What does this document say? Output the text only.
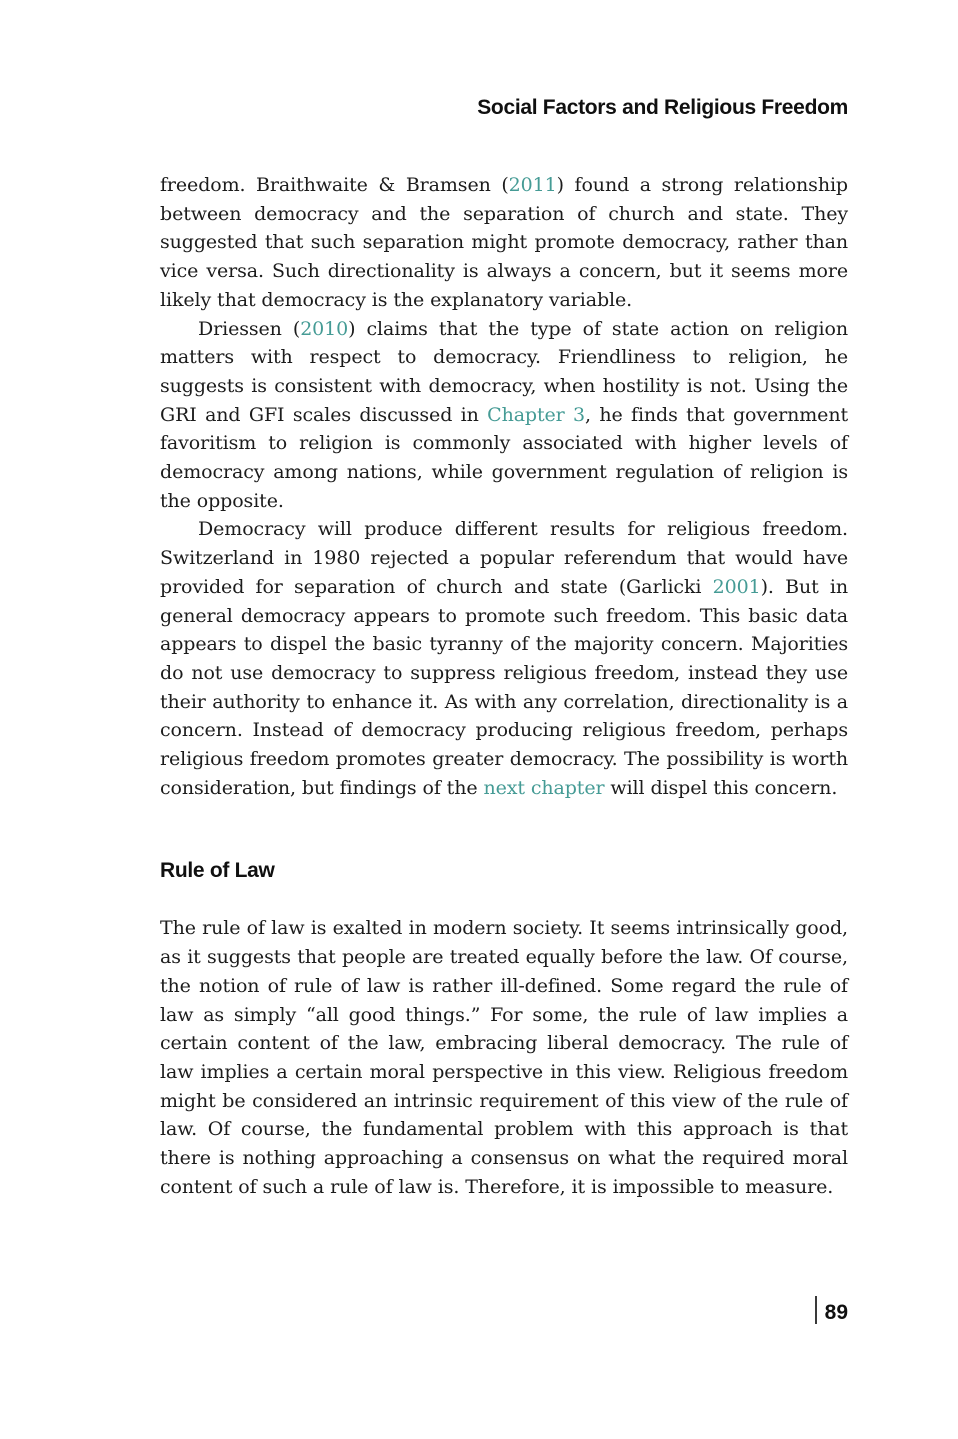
Social Factors and Religious Freedom

freedom. Braithwaite & Bramsen (2011) found a strong relationship between democracy and the separation of church and state. They suggested that such separation might promote democracy, rather than vice versa. Such directionality is always a concern, but it seems more likely that democracy is the explanatory variable.

Driessen (2010) claims that the type of state action on religion matters with respect to democracy. Friendliness to religion, he suggests is consistent with democracy, when hostility is not. Using the GRI and GFI scales discussed in Chapter 3, he finds that government favoritism to religion is commonly associated with higher levels of democracy among nations, while government regulation of religion is the opposite.

Democracy will produce different results for religious freedom. Switzerland in 1980 rejected a popular referendum that would have provided for separation of church and state (Garlicki 2001). But in general democracy appears to promote such freedom. This basic data appears to dispel the basic tyranny of the majority concern. Majorities do not use democracy to suppress religious freedom, instead they use their authority to enhance it. As with any correlation, directionality is a concern. Instead of democracy producing religious freedom, perhaps religious freedom promotes greater democracy. The possibility is worth consideration, but findings of the next chapter will dispel this concern.

Rule of Law

The rule of law is exalted in modern society. It seems intrinsically good, as it suggests that people are treated equally before the law. Of course, the notion of rule of law is rather ill-defined. Some regard the rule of law as simply “all good things.” For some, the rule of law implies a certain content of the law, embracing liberal democracy. The rule of law implies a certain moral perspective in this view. Religious freedom might be considered an intrinsic requirement of this view of the rule of law. Of course, the fundamental problem with this approach is that there is nothing approaching a consensus on what the required moral content of such a rule of law is. Therefore, it is impossible to measure.

89
